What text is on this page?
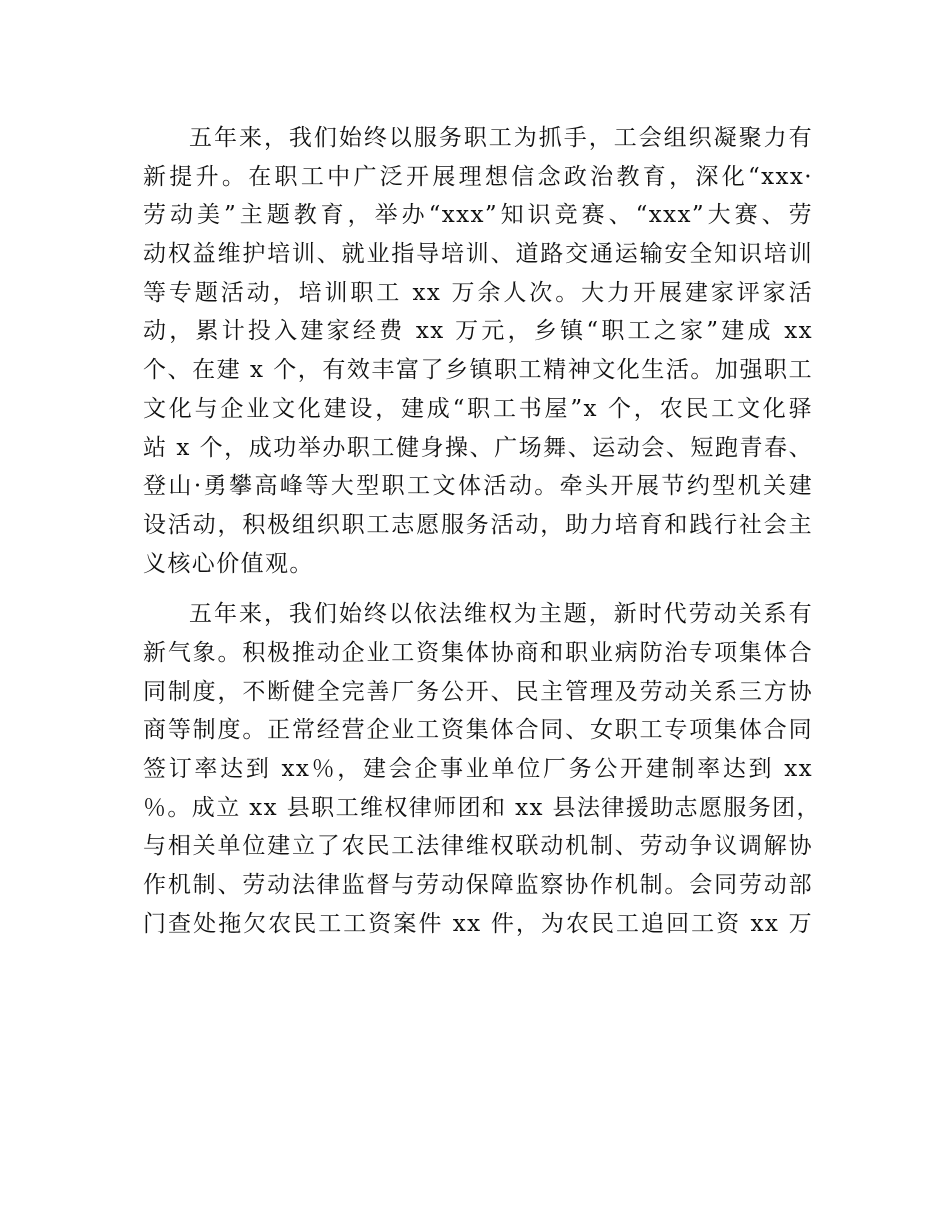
五年来，我们始终以服务职工为抓手，工会组织凝聚力有
新提升。在职工中广泛开展理想信念政治教育，深化“xxx·
劳动美”主题教育，举办“xxx”知识竞赛、“xxx”大赛、劳
动权益维护培训、就业指导培训、道路交通运输安全知识培训
等专题活动，培训职工 xx 万余人次。大力开展建家评家活
动，累计投入建家经费 xx 万元，乡镇“职工之家”建成 xx
个、在建 x 个，有效丰富了乡镇职工精神文化生活。加强职工
文化与企业文化建设，建成“职工书屋”x 个，农民工文化驿
站 x 个，成功举办职工健身操、广场舞、运动会、短跑青春、
登山·勇攀高峰等大型职工文体活动。牵头开展节约型机关建
设活动，积极组织职工志愿服务活动，助力培育和践行社会主
义核心价值观。

五年来，我们始终以依法维权为主题，新时代劳动关系有
新气象。积极推动企业工资集体协商和职业病防治专项集体合
同制度，不断健全完善厂务公开、民主管理及劳动关系三方协
商等制度。正常经营企业工资集体合同、女职工专项集体合同
签订率达到 xx％，建会企事业单位厂务公开建制率达到 xx
％。成立 xx 县职工维权律师团和 xx 县法律援助志愿服务团，
与相关单位建立了农民工法律维权联动机制、劳动争议调解协
作机制、劳动法律监督与劳动保障监察协作机制。会同劳动部
门查处拖欠农民工工资案件 xx 件，为农民工追回工资 xx 万
